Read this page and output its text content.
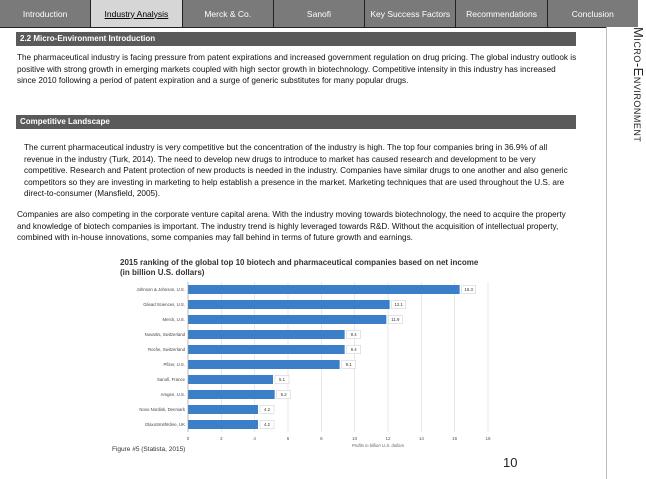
Introduction	Industry Analysis	Merck & Co.	Sanofi	Key Success Factors	Recommendations	Conclusion
Micro-Environment
2.2 Micro-Environment Introduction
The pharmaceutical industry is facing pressure from patent expirations and increased government regulation on drug pricing. The global industry outlook is positive with strong growth in emerging markets coupled with high sector growth in biotechnology. Competitive intensity in this industry has increased since 2010 following a period of patent expiration and a surge of generic substitutes for many popular drugs.
Competitive Landscape
The current pharmaceutical industry is very competitive but the concentration of the industry is high. The top four companies bring in 36.9% of all revenue in the industry (Turk, 2014). The need to develop new drugs to introduce to market has caused research and development to be very competitive. Research and Patent protection of new products is needed in the industry. Companies have similar drugs to one another and also generic competitors so they are investing in marketing to help establish a presence in the market. Marketing techniques that are used throughout the U.S. are direct-to-consumer (Mansfield, 2005).
Companies are also competing in the corporate venture capital arena. With the industry moving towards biotechnology, the need to acquire the property and knowledge of biotech companies is important. The industry trend is highly leveraged towards R&D. Without the acquisition of intellectual property, combined with in-house innovations, some companies may fall behind in terms of future growth and earnings.
2015 ranking of the global top 10 biotech and pharmaceutical companies based on net income (in billion U.S. dollars)
0	2	4	6	8	10	12	14	16	18
Johnson & Johnson, U.S.	16.3
Gilead Sciences, U.S.	12.1
Merck, U.S.	11.9
Novartis, Switzerland	9.4
Roche, Switzerland	9.4
Pfizer, U.S.	9.1
Sanofi, France	5.1
Amgen, U.S.	5.2
Novo Nordisk, Denmark	4.2
GlaxoSmithKline, UK	4.2
Profits in billion U.S. dollars
Figure #5 (Statista, 2015)
10
